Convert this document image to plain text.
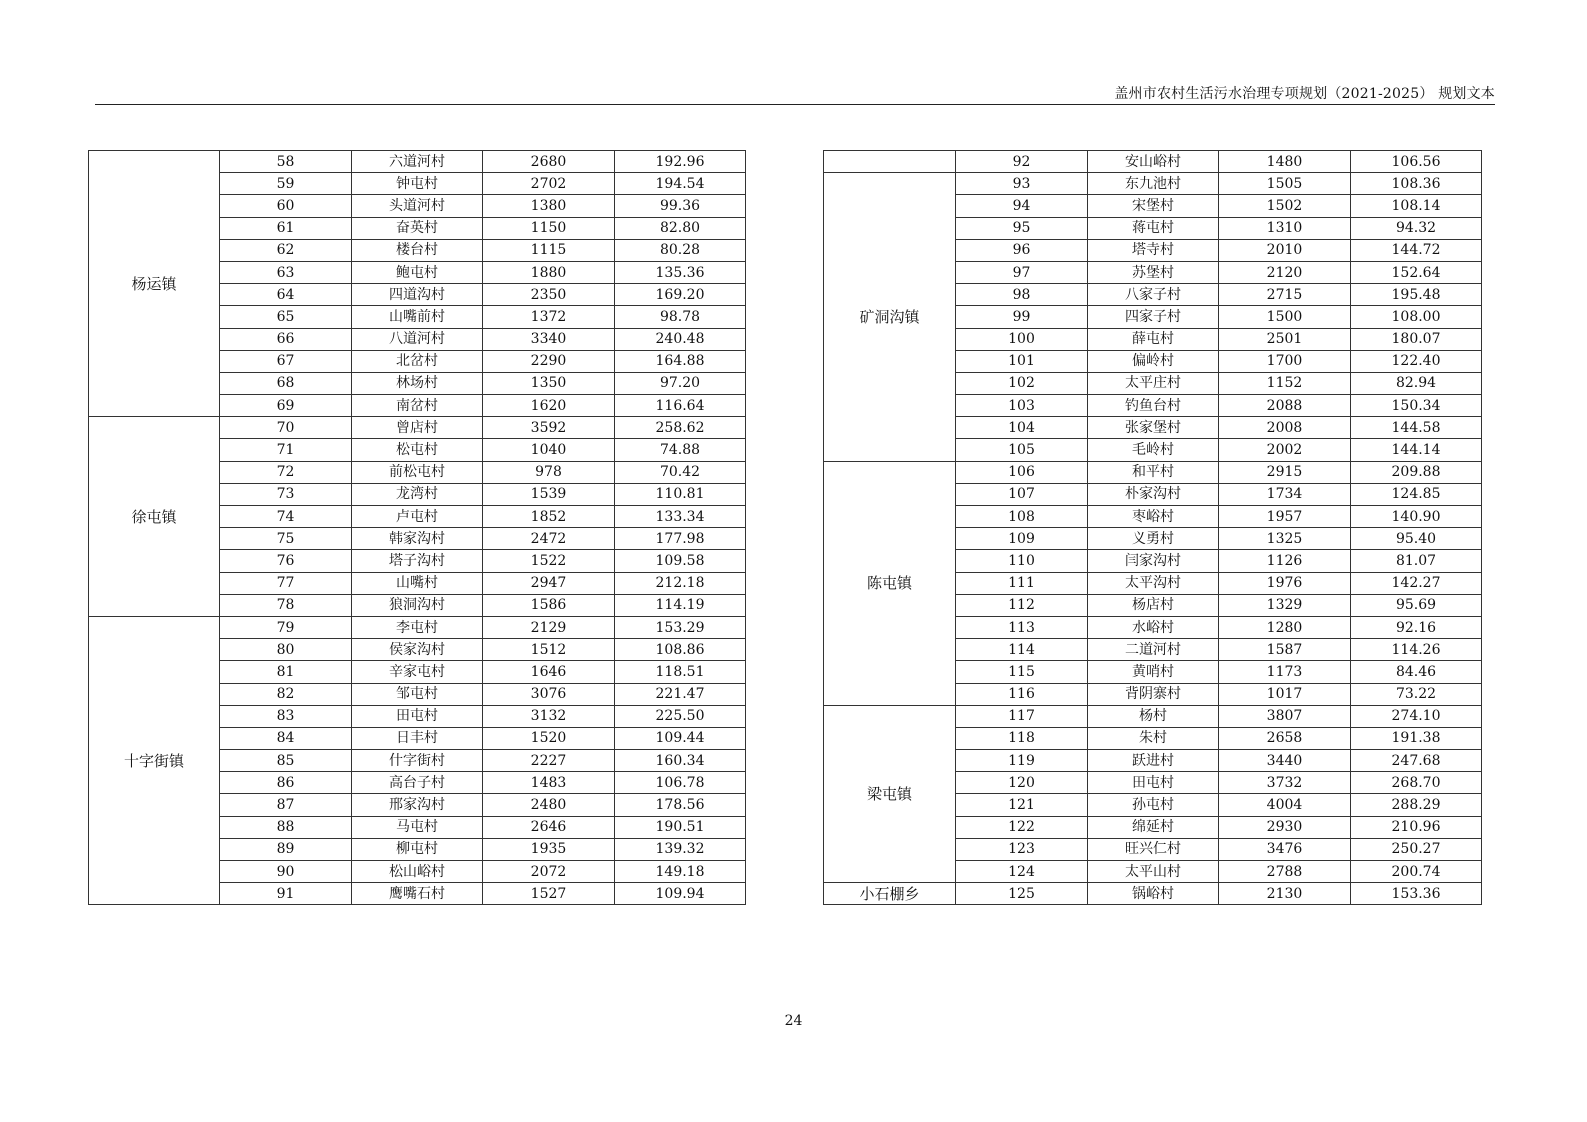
盖州市农村生活污水治理专项规划（2021-2025） 规划文本
杨运镇	58	六道河村	2680	192.96
	59	钟屯村	2702	194.54
	60	头道河村	1380	99.36
	61	奋英村	1150	82.80
	62	楼台村	1115	80.28
	63	鲍屯村	1880	135.36
	64	四道沟村	2350	169.20
	65	山嘴前村	1372	98.78
	66	八道河村	3340	240.48
	67	北岔村	2290	164.88
	68	林场村	1350	97.20
	69	南岔村	1620	116.64
徐屯镇	70	曾店村	3592	258.62
	71	松屯村	1040	74.88
	72	前松屯村	978	70.42
	73	龙湾村	1539	110.81
	74	卢屯村	1852	133.34
	75	韩家沟村	2472	177.98
	76	塔子沟村	1522	109.58
	77	山嘴村	2947	212.18
	78	狼洞沟村	1586	114.19
十字街镇	79	李屯村	2129	153.29
	80	侯家沟村	1512	108.86
	81	辛家屯村	1646	118.51
	82	邹屯村	3076	221.47
	83	田屯村	3132	225.50
	84	日丰村	1520	109.44
	85	什字街村	2227	160.34
	86	高台子村	1483	106.78
	87	邢家沟村	2480	178.56
	88	马屯村	2646	190.51
	89	柳屯村	1935	139.32
	90	松山峪村	2072	149.18
	91	鹰嘴石村	1527	109.94
	92	安山峪村	1480	106.56
矿洞沟镇	93	东九池村	1505	108.36
	94	宋堡村	1502	108.14
	95	蒋屯村	1310	94.32
	96	塔寺村	2010	144.72
	97	苏堡村	2120	152.64
	98	八家子村	2715	195.48
	99	四家子村	1500	108.00
	100	薛屯村	2501	180.07
	101	偏岭村	1700	122.40
	102	太平庄村	1152	82.94
	103	钓鱼台村	2088	150.34
	104	张家堡村	2008	144.58
	105	毛岭村	2002	144.14
陈屯镇	106	和平村	2915	209.88
	107	朴家沟村	1734	124.85
	108	枣峪村	1957	140.90
	109	义勇村	1325	95.40
	110	闫家沟村	1126	81.07
	111	太平沟村	1976	142.27
	112	杨店村	1329	95.69
	113	水峪村	1280	92.16
	114	二道河村	1587	114.26
	115	黄哨村	1173	84.46
	116	背阴寨村	1017	73.22
梁屯镇	117	杨村	3807	274.10
	118	朱村	2658	191.38
	119	跃进村	3440	247.68
	120	田屯村	3732	268.70
	121	孙屯村	4004	288.29
	122	绵延村	2930	210.96
	123	旺兴仁村	3476	250.27
	124	太平山村	2788	200.74
小石棚乡	125	锅峪村	2130	153.36
24
